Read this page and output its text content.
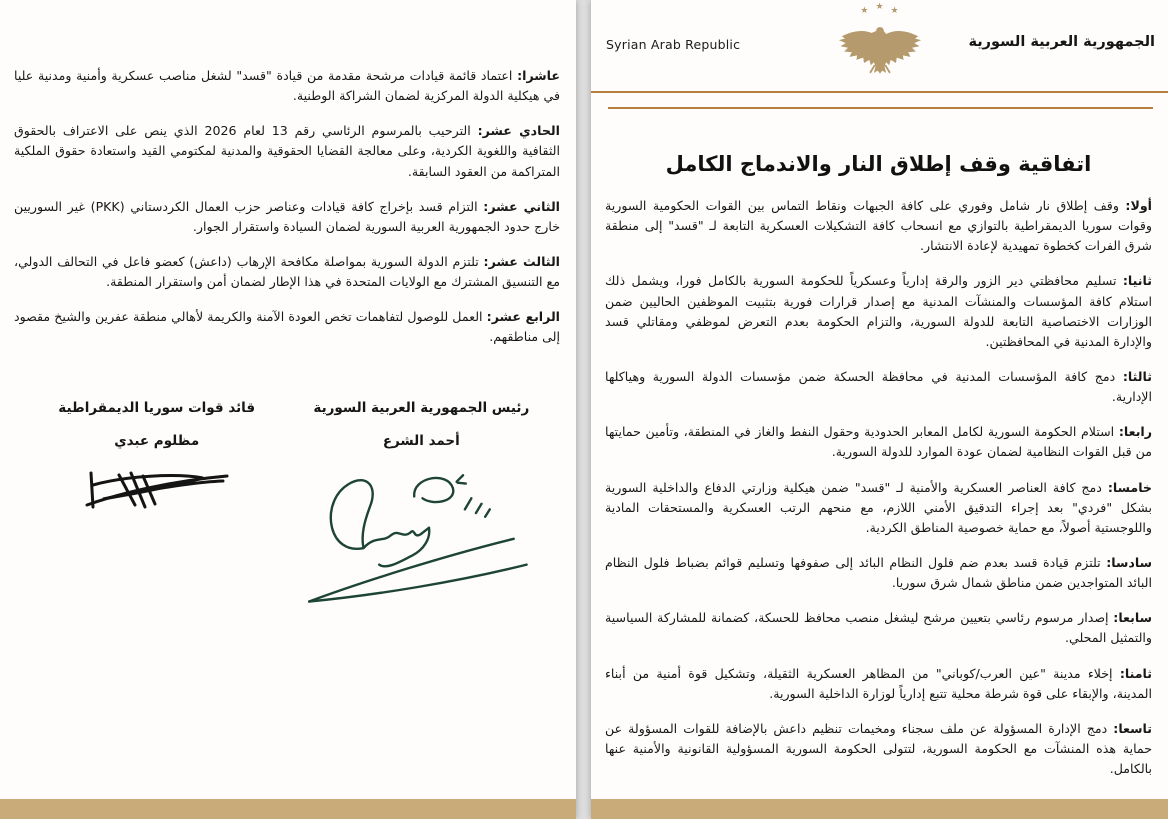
عاشرا: اعتماد قائمة قيادات مرشحة مقدمة من قيادة "قسد" لشغل مناصب عسكرية وأمنية ومدنية عليا في هيكلية الدولة المركزية لضمان الشراكة الوطنية.

الحادي عشر: الترحيب بالمرسوم الرئاسي رقم 13 لعام 2026 الذي ينص على الاعتراف بالحقوق الثقافية واللغوية الكردية، وعلى معالجة القضايا الحقوقية والمدنية لمكتومي القيد واستعادة حقوق الملكية المتراكمة من العقود السابقة.

الثاني عشر: التزام قسد بإخراج كافة قيادات وعناصر حزب العمال الكردستاني (PKK) غير السوريين خارج حدود الجمهورية العربية السورية لضمان السيادة واستقرار الجوار.

الثالث عشر: تلتزم الدولة السورية بمواصلة مكافحة الإرهاب (داعش) كعضو فاعل في التحالف الدولي، مع التنسيق المشترك مع الولايات المتحدة في هذا الإطار لضمان أمن واستقرار المنطقة.

الرابع عشر: العمل للوصول لتفاهمات تخص العودة الآمنة والكريمة لأهالي منطقة عفرين والشيخ مقصود إلى مناطقهم.

رئيس الجمهورية العربية السورية
أحمد الشرع
قائد قوات سوريا الديمقراطية
مظلوم عبدي
Syrian Arab Republic	الجمهورية العربية السورية
★ ★ ★
اتفاقية وقف إطلاق النار والاندماج الكامل

أولا: وقف إطلاق نار شامل وفوري على كافة الجبهات ونقاط التماس بين القوات الحكومية السورية وقوات سوريا الديمقراطية بالتوازي مع انسحاب كافة التشكيلات العسكرية التابعة لـ "قسد" إلى منطقة شرق الفرات كخطوة تمهيدية لإعادة الانتشار.

ثانيا: تسليم محافظتي دير الزور والرقة إدارياً وعسكرياً للحكومة السورية بالكامل فورا، ويشمل ذلك استلام كافة المؤسسات والمنشآت المدنية مع إصدار قرارات فورية بتثبيت الموظفين الحاليين ضمن الوزارات الاختصاصية التابعة للدولة السورية، والتزام الحكومة بعدم التعرض لموظفي ومقاتلي قسد والإدارة المدنية في المحافظتين.

ثالثا: دمج كافة المؤسسات المدنية في محافظة الحسكة ضمن مؤسسات الدولة السورية وهياكلها الإدارية.

رابعا: استلام الحكومة السورية لكامل المعابر الحدودية وحقول النفط والغاز في المنطقة، وتأمين حمايتها من قبل القوات النظامية لضمان عودة الموارد للدولة السورية.

خامسا: دمج كافة العناصر العسكرية والأمنية لـ "قسد" ضمن هيكلية وزارتي الدفاع والداخلية السورية بشكل "فردي" بعد إجراء التدقيق الأمني اللازم، مع منحهم الرتب العسكرية والمستحقات المادية واللوجستية أصولاً، مع حماية خصوصية المناطق الكردية.

سادسا: تلتزم قيادة قسد بعدم ضم فلول النظام البائد إلى صفوفها وتسليم قوائم بضباط فلول النظام البائد المتواجدين ضمن مناطق شمال شرق سوريا.

سابعا: إصدار مرسوم رئاسي بتعيين مرشح ليشغل منصب محافظ للحسكة، كضمانة للمشاركة السياسية والتمثيل المحلي.

ثامنا: إخلاء مدينة "عين العرب/كوباني" من المظاهر العسكرية الثقيلة، وتشكيل قوة أمنية من أبناء المدينة، والإبقاء على قوة شرطة محلية تتبع إدارياً لوزارة الداخلية السورية.

تاسعا: دمج الإدارة المسؤولة عن ملف سجناء ومخيمات تنظيم داعش بالإضافة للقوات المسؤولة عن حماية هذه المنشآت مع الحكومة السورية، لتتولى الحكومة السورية المسؤولية القانونية والأمنية عنها بالكامل.
